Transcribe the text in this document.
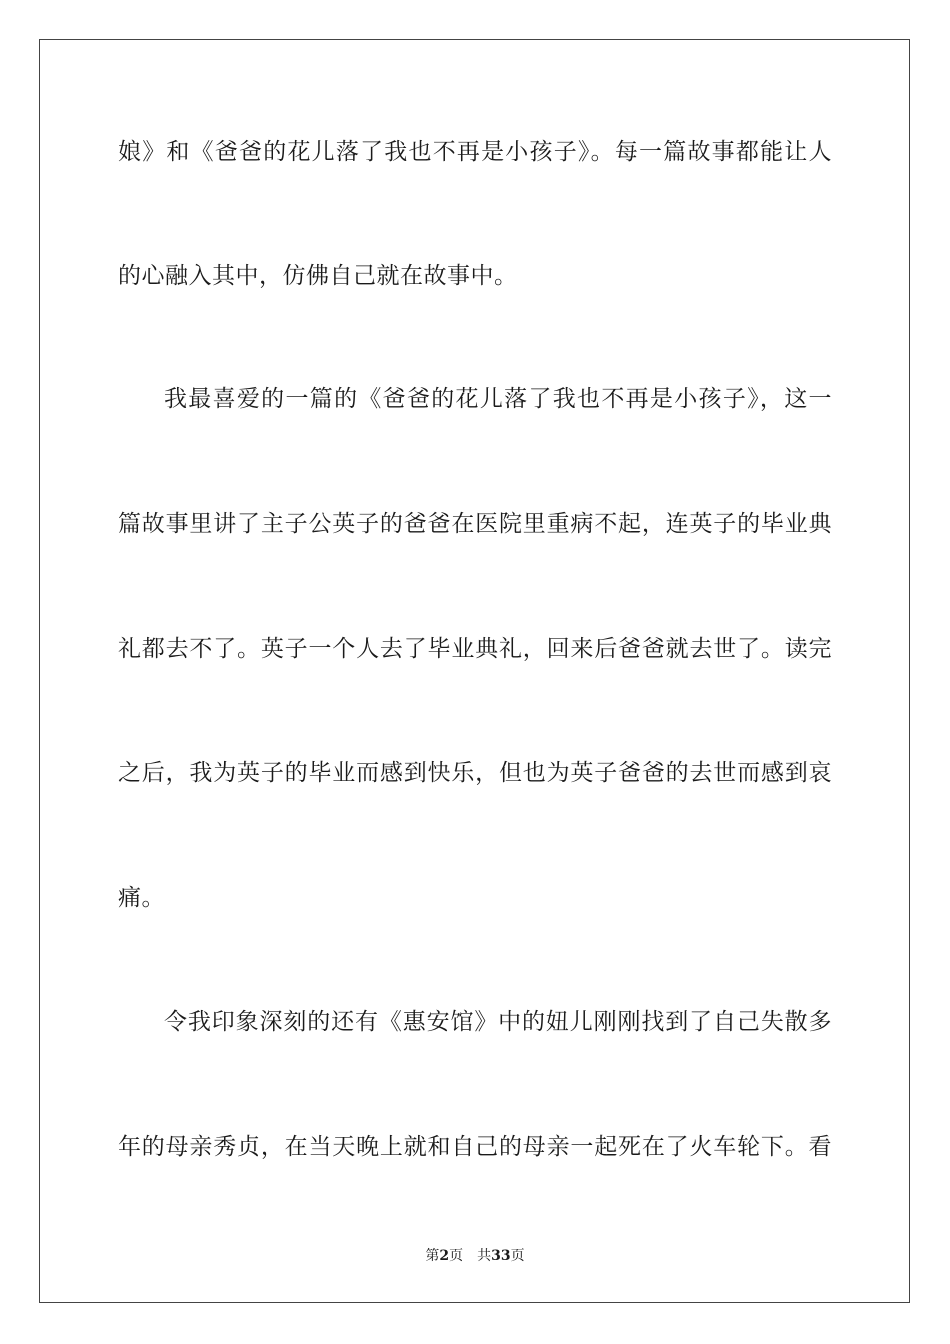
娘》和《爸爸的花儿落了我也不再是小孩子》。每一篇故事都能让人
的心融入其中，仿佛自己就在故事中。
我最喜爱的一篇的《爸爸的花儿落了我也不再是小孩子》，这一
篇故事里讲了主子公英子的爸爸在医院里重病不起，连英子的毕业典
礼都去不了。英子一个人去了毕业典礼，回来后爸爸就去世了。读完
之后，我为英子的毕业而感到快乐，但也为英子爸爸的去世而感到哀
痛。
令我印象深刻的还有《惠安馆》中的妞儿刚刚找到了自己失散多
年的母亲秀贞，在当天晚上就和自己的母亲一起死在了火车轮下。看
第2页 共33页
